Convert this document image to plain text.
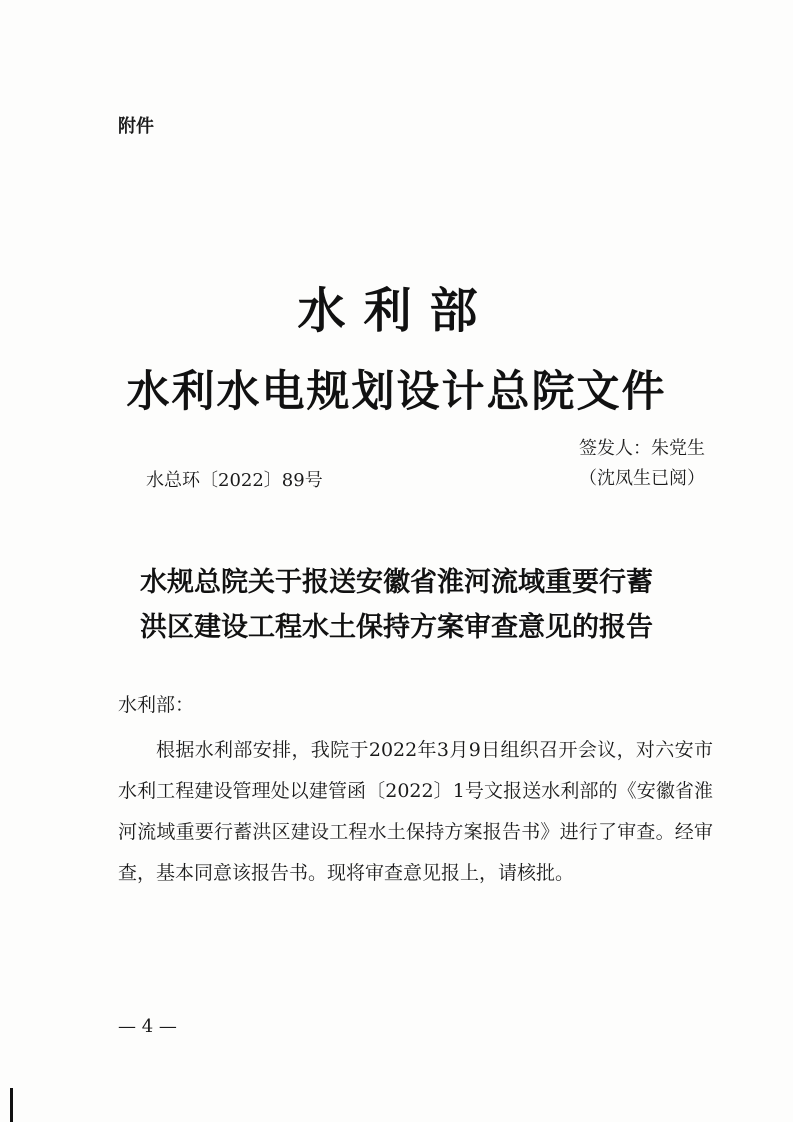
附件
水利部
水利水电规划设计总院文件
水总环〔2022〕89号
签发人：朱党生
（沈凤生已阅）
水规总院关于报送安徽省淮河流域重要行蓄
洪区建设工程水土保持方案审查意见的报告
水利部：

根据水利部安排，我院于2022年3月9日组织召开会议，对六安市水利工程建设管理处以建管函〔2022〕1号文报送水利部的《安徽省淮河流域重要行蓄洪区建设工程水土保持方案报告书》进行了审查。经审查，基本同意该报告书。现将审查意见报上，请核批。

— 4 —
